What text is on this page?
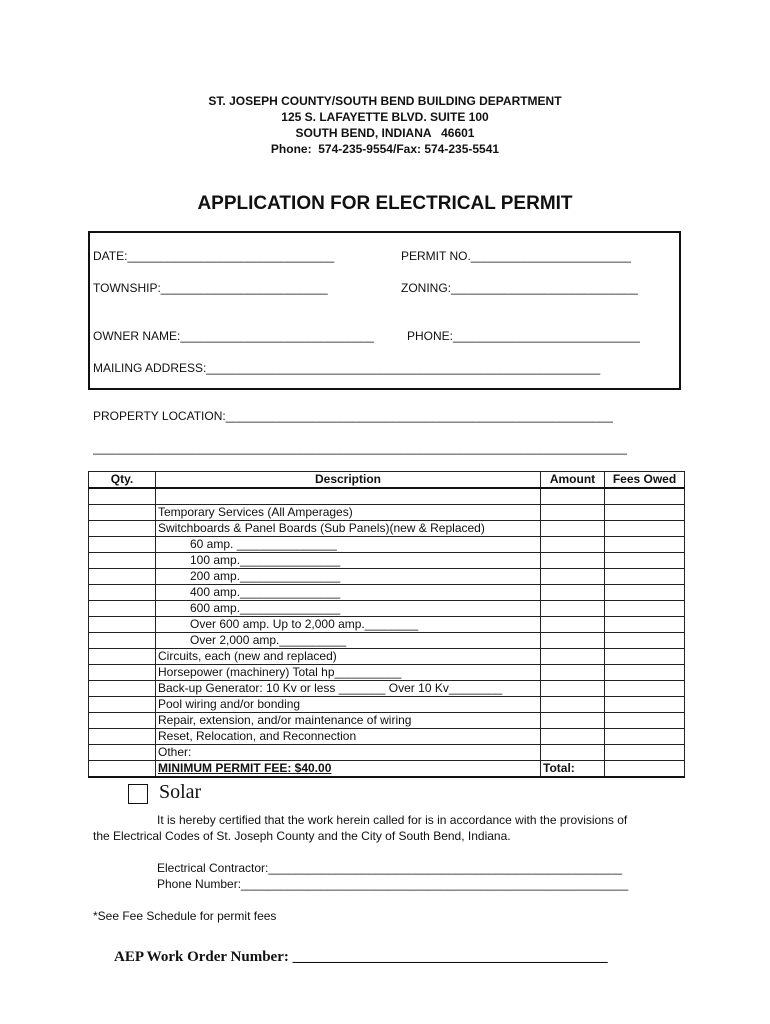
ST. JOSEPH COUNTY/SOUTH BEND BUILDING DEPARTMENT
125 S. LAFAYETTE BLVD. SUITE 100
SOUTH BEND, INDIANA   46601
Phone:  574-235-9554/Fax: 574-235-5541
APPLICATION FOR ELECTRICAL PERMIT
DATE:_______________________________	PERMIT NO.________________________
TOWNSHIP:_________________________	ZONING:____________________________
OWNER NAME:_____________________________	PHONE:____________________________
MAILING ADDRESS:___________________________________________________________
PROPERTY LOCATION:__________________________________________________________
________________________________________________________________________________
Qty.	Description	Amount	Fees Owed

	Temporary Services (All Amperages)		
	Switchboards & Panel Boards (Sub Panels)(new & Replaced)		
	60 amp. _______________		
	100 amp._______________		
	200 amp._______________		
	400 amp._______________		
	600 amp._______________		
	Over 600 amp. Up to 2,000 amp.________		
	Over 2,000 amp.__________		
	Circuits, each (new and replaced)		
	Horsepower (machinery) Total hp__________		
	Back-up Generator: 10 Kv or less _______ Over 10 Kv________		
	Pool wiring and/or bonding		
	Repair, extension, and/or maintenance of wiring		
	Reset, Relocation, and Reconnection		
	Other:		
	MINIMUM PERMIT FEE: $40.00	Total:	
Solar
It is hereby certified that the work herein called for is in accordance with the provisions of
the Electrical Codes of St. Joseph County and the City of South Bend, Indiana.
Electrical Contractor:_____________________________________________________
Phone Number:__________________________________________________________
*See Fee Schedule for permit fees
AEP Work Order Number: __________________________________________
